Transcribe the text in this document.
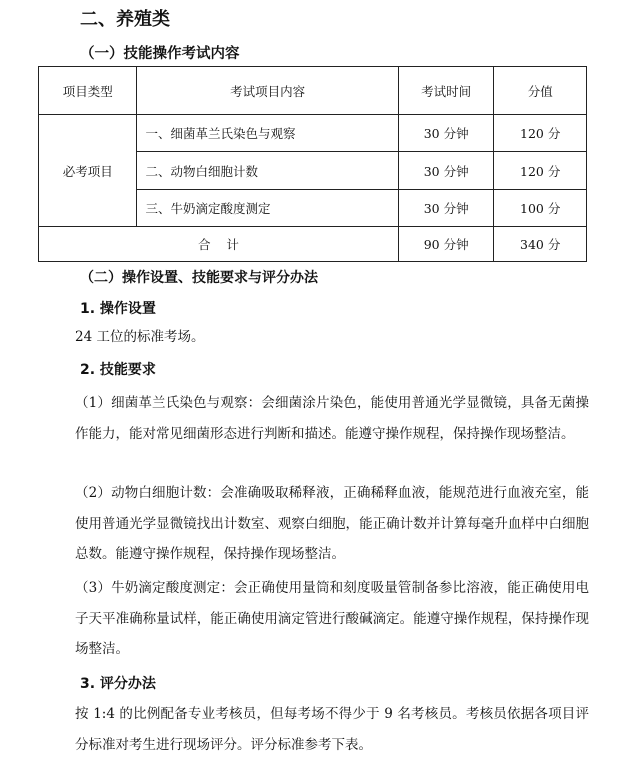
二、养殖类
（一）技能操作考试内容
项目类型	考试项目内容	考试时间	分值
必考项目	一、细菌革兰氏染色与观察	30 分钟	120 分
	二、动物白细胞计数	30 分钟	120 分
	三、牛奶滴定酸度测定	30 分钟	100 分
合    计		90 分钟	340 分
（二）操作设置、技能要求与评分办法
1. 操作设置
24 工位的标准考场。
2. 技能要求
（1）细菌革兰氏染色与观察：会细菌涂片染色，能使用普通光学显微镜，具备无菌操作能力，能对常见细菌形态进行判断和描述。能遵守操作规程，保持操作现场整洁。
（2）动物白细胞计数：会准确吸取稀释液，正确稀释血液，能规范进行血液充室，能使用普通光学显微镜找出计数室、观察白细胞，能正确计数并计算每毫升血样中白细胞总数。能遵守操作规程，保持操作现场整洁。
（3）牛奶滴定酸度测定：会正确使用量筒和刻度吸量管制备参比溶液，能正确使用电子天平准确称量试样，能正确使用滴定管进行酸碱滴定。能遵守操作规程，保持操作现场整洁。
3. 评分办法
按 1:4 的比例配备专业考核员，但每考场不得少于 9 名考核员。考核员依据各项目评分标准对考生进行现场评分。评分标准参考下表。
